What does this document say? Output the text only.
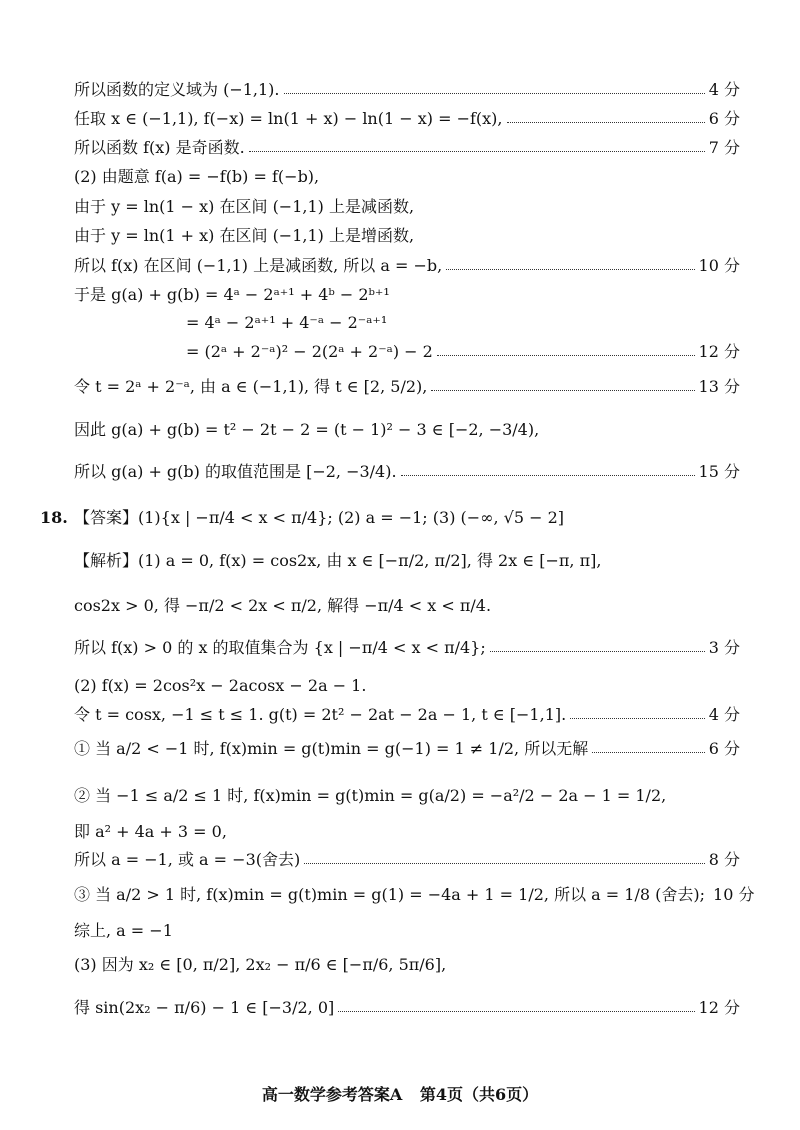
所以函数的定义域为 (−1,1).	4 分
任取 x ∈ (−1,1), f(−x) = ln(1 + x) − ln(1 − x) = −f(x),	6 分
所以函数 f(x) 是奇函数.	7 分
(2) 由题意 f(a) = −f(b) = f(−b),
由于 y = ln(1 − x) 在区间 (−1,1) 上是减函数,
由于 y = ln(1 + x) 在区间 (−1,1) 上是增函数,
所以 f(x) 在区间 (−1,1) 上是减函数, 所以 a = −b,	10 分
于是 g(a) + g(b) = 4ᵃ − 2ᵃ⁺¹ + 4ᵇ − 2ᵇ⁺¹
= 4ᵃ − 2ᵃ⁺¹ + 4⁻ᵃ − 2⁻ᵃ⁺¹
= (2ᵃ + 2⁻ᵃ)² − 2(2ᵃ + 2⁻ᵃ) − 2	12 分
令 t = 2ᵃ + 2⁻ᵃ, 由 a ∈ (−1,1), 得 t ∈ [2, 5/2),	13 分
因此 g(a) + g(b) = t² − 2t − 2 = (t − 1)² − 3 ∈ [−2, −3/4),
所以 g(a) + g(b) 的取值范围是 [−2, −3/4).	15 分
18. 【答案】(1){x | −π/4 < x < π/4}; (2) a = −1; (3) (−∞, √5 − 2]
【解析】(1) a = 0, f(x) = cos2x, 由 x ∈ [−π/2, π/2], 得 2x ∈ [−π, π],
cos2x > 0, 得 −π/2 < 2x < π/2, 解得 −π/4 < x < π/4.
所以 f(x) > 0 的 x 的取值集合为 {x | −π/4 < x < π/4};	3 分
(2) f(x) = 2cos²x − 2acosx − 2a − 1.
令 t = cosx, −1 ≤ t ≤ 1. g(t) = 2t² − 2at − 2a − 1, t ∈ [−1,1].	4 分
① 当 a/2 < −1 时, f(x)min = g(t)min = g(−1) = 1 ≠ 1/2, 所以无解	6 分
② 当 −1 ≤ a/2 ≤ 1 时, f(x)min = g(t)min = g(a/2) = −a²/2 − 2a − 1 = 1/2,
即 a² + 4a + 3 = 0,
所以 a = −1, 或 a = −3(舍去)	8 分
③ 当 a/2 > 1 时, f(x)min = g(t)min = g(1) = −4a + 1 = 1/2, 所以 a = 1/8 (舍去); 10 分
综上, a = −1
(3) 因为 x₂ ∈ [0, π/2], 2x₂ − π/6 ∈ [−π/6, 5π/6],
得 sin(2x₂ − π/6) − 1 ∈ [−3/2, 0]	12 分
高一数学参考答案A 第4页（共6页）
